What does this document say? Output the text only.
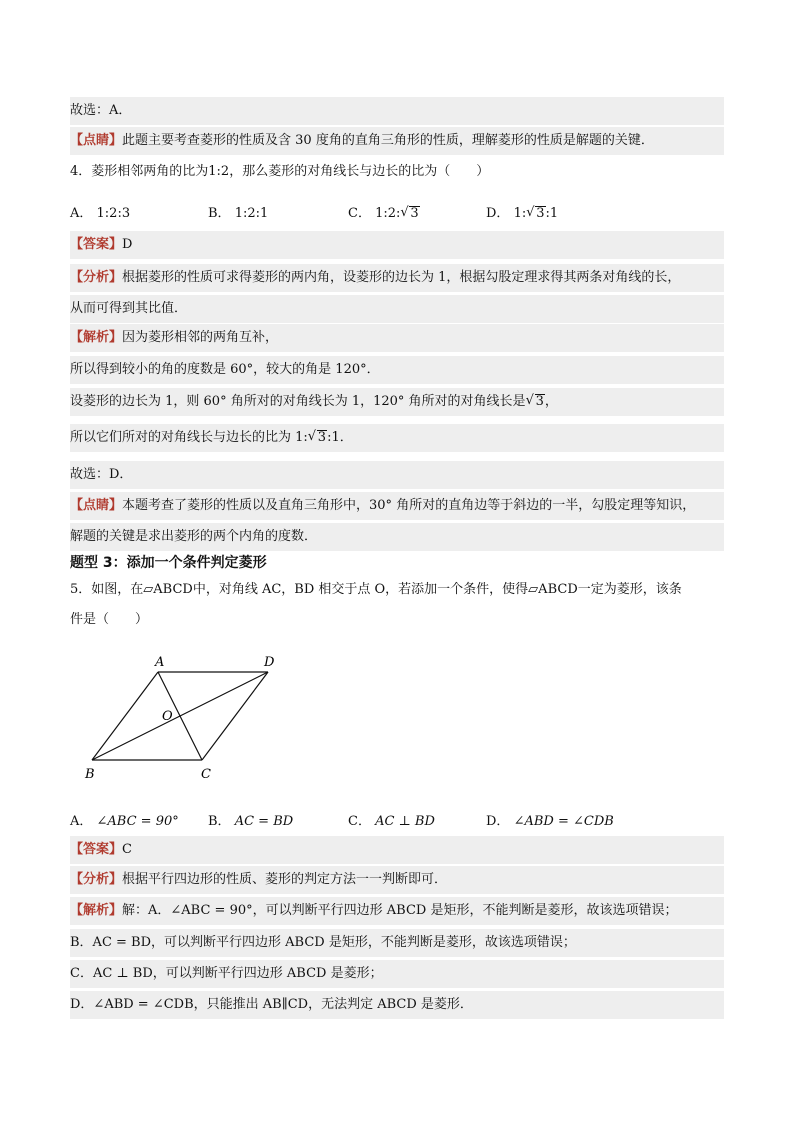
故选：A．
【点睛】此题主要考查菱形的性质及含 30 度角的直角三角形的性质，理解菱形的性质是解题的关键．
4．菱形相邻两角的比为1:2，那么菱形的对角线长与边长的比为（　　）
A． 1:2:3	B． 1:2:1	C． 1:2: √ 3	D． 1: √ 3:1
【答案】D
【分析】根据菱形的性质可求得菱形的两内角，设菱形的边长为 1，根据勾股定理求得其两条对角线的长，
从而可得到其比值．
【解析】因为菱形相邻的两角互补，
所以得到较小的角的度数是 60°，较大的角是 120°．
设菱形的边长为 1，则 60° 角所对的对角线长为 1，120° 角所对的对角线长是 √ 3，
所以它们所对的对角线长与边长的比为 1: √ 3:1．
故选：D．
【点睛】本题考查了菱形的性质以及直角三角形中，30° 角所对的直角边等于斜边的一半，勾股定理等知识，
解题的关键是求出菱形的两个内角的度数．
题型 3：添加一个条件判定菱形
5．如图，在▱ABCD中，对角线 AC，BD 相交于点 O，若添加一个条件，使得▱ABCD一定为菱形，该条
件是（　　）
A	D
O
B	C
A． ∠ABC = 90° B． AC = BD	C． AC ⊥ BD	D． ∠ABD = ∠CDB
【答案】C
【分析】根据平行四边形的性质、菱形的判定方法一一判断即可．
【解析】解：A．∠ABC = 90°，可以判断平行四边形 ABCD 是矩形，不能判断是菱形，故该选项错误；
B．AC = BD，可以判断平行四边形 ABCD 是矩形，不能判断是菱形，故该选项错误；
C．AC ⊥ BD，可以判断平行四边形 ABCD 是菱形；
D．∠ABD = ∠CDB，只能推出 AB∥CD，无法判定 ABCD 是菱形．
